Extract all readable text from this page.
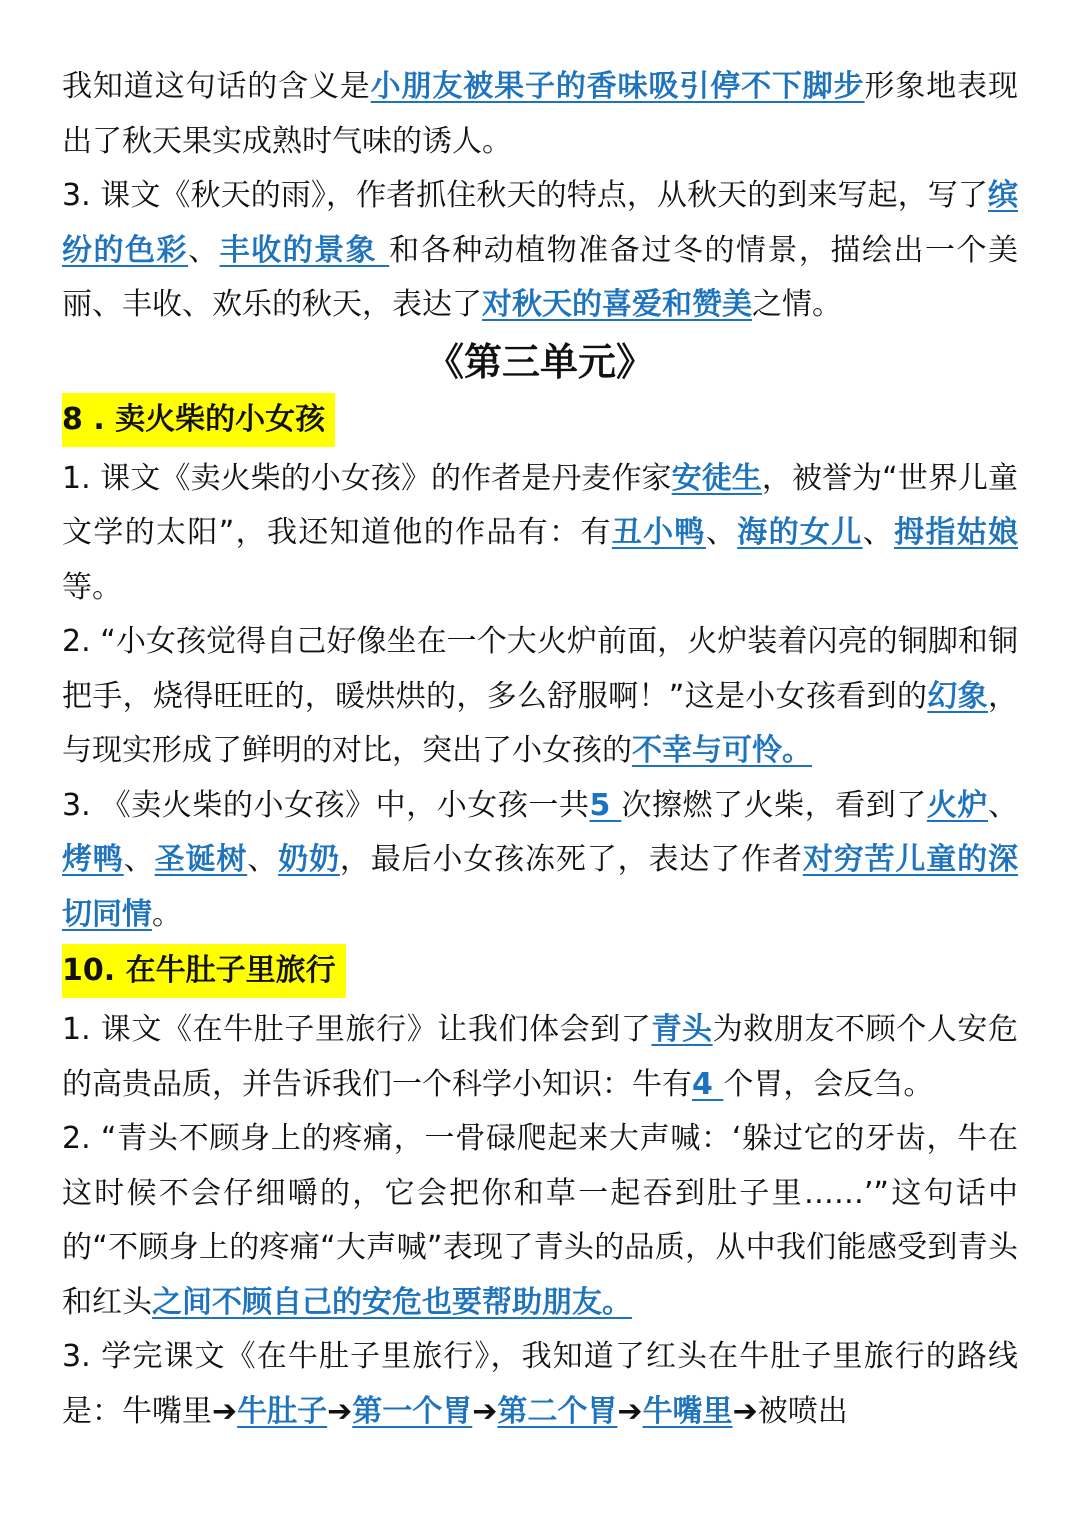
我知道这句话的含义是小朋友被果子的香味吸引停不下脚步形象地表现出了秋天果实成熟时气味的诱人。

3. 课文《秋天的雨》，作者抓住秋天的特点，从秋天的到来写起，写了缤纷的色彩、丰收的景象 和各种动植物准备过冬的情景，描绘出一个美丽、丰收、欢乐的秋天，表达了对秋天的喜爱和赞美之情。

《第三单元》
8 . 卖火柴的小女孩

1. 课文《卖火柴的小女孩》的作者是丹麦作家安徒生，被誉为“世界儿童文学的太阳”，我还知道他的作品有：有丑小鸭、海的女儿、拇指姑娘等。

2. “小女孩觉得自己好像坐在一个大火炉前面，火炉装着闪亮的铜脚和铜把手，烧得旺旺的，暖烘烘的，多么舒服啊！”这是小女孩看到的幻象，与现实形成了鲜明的对比，突出了小女孩的不幸与可怜。

3. 《卖火柴的小女孩》中，小女孩一共5 次擦燃了火柴，看到了火炉、烤鸭、圣诞树、奶奶，最后小女孩冻死了，表达了作者对穷苦儿童的深切同情。

10. 在牛肚子里旅行

1. 课文《在牛肚子里旅行》让我们体会到了青头为救朋友不顾个人安危的高贵品质，并告诉我们一个科学小知识：牛有4 个胃，会反刍。

2. “青头不顾身上的疼痛，一骨碌爬起来大声喊：‘躲过它的牙齿，牛在这时候不会仔细嚼的，它会把你和草一起吞到肚子里……’”这句话中的“不顾身上的疼痛“大声喊”表现了青头的品质，从中我们能感受到青头和红头之间不顾自己的安危也要帮助朋友。

3. 学完课文《在牛肚子里旅行》，我知道了红头在牛肚子里旅行的路线是：牛嘴里➔牛肚子➔第一个胃➔第二个胃➔牛嘴里➔被喷出
